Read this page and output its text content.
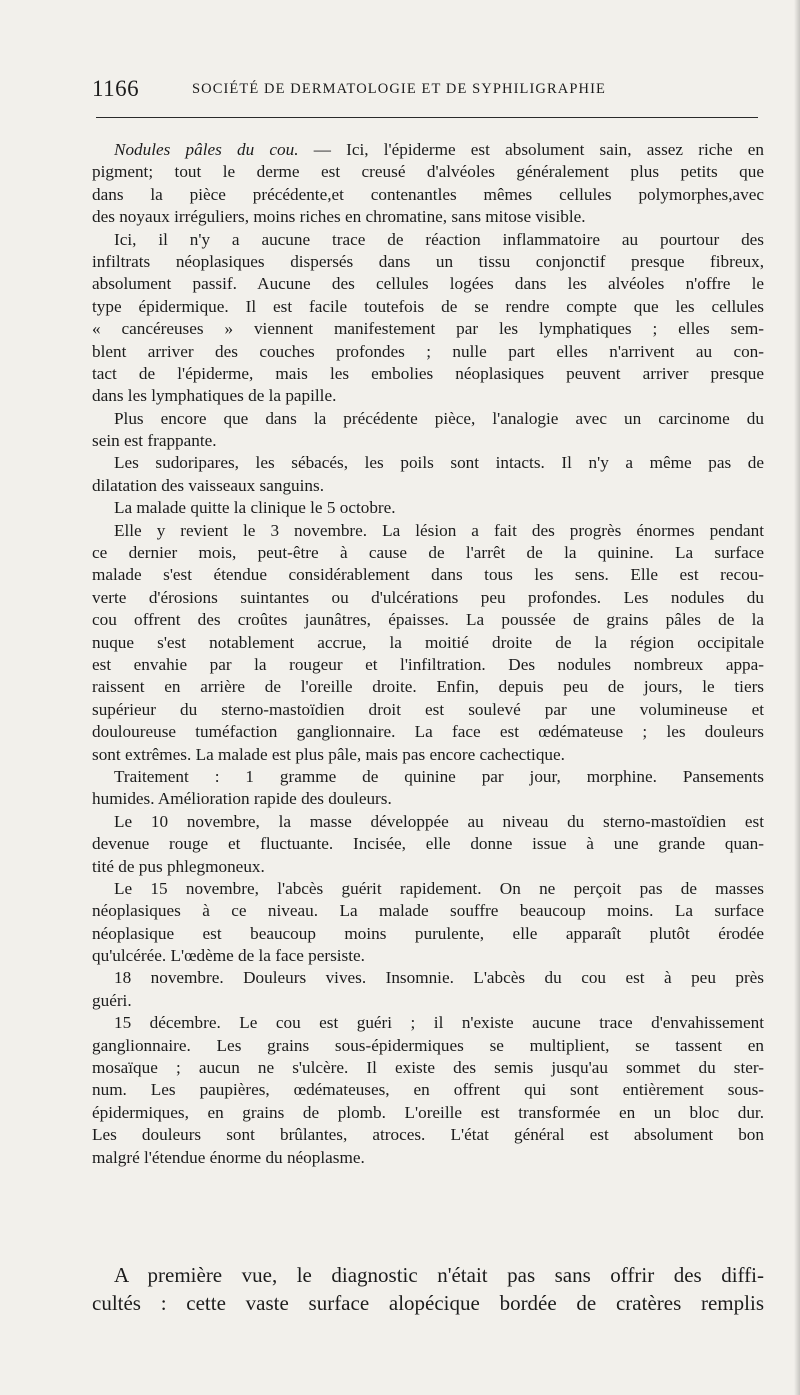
1166	SOCIÉTÉ DE DERMATOLOGIE ET DE SYPHILIGRAPHIE
Nodules pâles du cou. — Ici, l'épiderme est absolument sain, assez riche en
pigment; tout le derme est creusé d'alvéoles généralement plus petits que
dans la pièce précédente,et contenantles mêmes cellules polymorphes,avec
des noyaux irréguliers, moins riches en chromatine, sans mitose visible.
Ici, il n'y a aucune trace de réaction inflammatoire au pourtour des
infiltrats néoplasiques dispersés dans un tissu conjonctif presque fibreux,
absolument passif. Aucune des cellules logées dans les alvéoles n'offre le
type épidermique. Il est facile toutefois de se rendre compte que les cellules
« cancéreuses » viennent manifestement par les lymphatiques ; elles sem-
blent arriver des couches profondes ; nulle part elles n'arrivent au con-
tact de l'épiderme, mais les embolies néoplasiques peuvent arriver presque
dans les lymphatiques de la papille.
Plus encore que dans la précédente pièce, l'analogie avec un carcinome du
sein est frappante.
Les sudoripares, les sébacés, les poils sont intacts. Il n'y a même pas de
dilatation des vaisseaux sanguins.
La malade quitte la clinique le 5 octobre.
Elle y revient le 3 novembre. La lésion a fait des progrès énormes pendant
ce dernier mois, peut-être à cause de l'arrêt de la quinine. La surface
malade s'est étendue considérablement dans tous les sens. Elle est recou-
verte d'érosions suintantes ou d'ulcérations peu profondes. Les nodules du
cou offrent des croûtes jaunâtres, épaisses. La poussée de grains pâles de la
nuque s'est notablement accrue, la moitié droite de la région occipitale
est envahie par la rougeur et l'infiltration. Des nodules nombreux appa-
raissent en arrière de l'oreille droite. Enfin, depuis peu de jours, le tiers
supérieur du sterno-mastoïdien droit est soulevé par une volumineuse et
douloureuse tuméfaction ganglionnaire. La face est œdémateuse ; les douleurs
sont extrêmes. La malade est plus pâle, mais pas encore cachectique.
Traitement : 1 gramme de quinine par jour, morphine. Pansements
humides. Amélioration rapide des douleurs.
Le 10 novembre, la masse développée au niveau du sterno-mastoïdien est
devenue rouge et fluctuante. Incisée, elle donne issue à une grande quan-
tité de pus phlegmoneux.
Le 15 novembre, l'abcès guérit rapidement. On ne perçoit pas de masses
néoplasiques à ce niveau. La malade souffre beaucoup moins. La surface
néoplasique est beaucoup moins purulente, elle apparaît plutôt érodée
qu'ulcérée. L'œdème de la face persiste.
18 novembre. Douleurs vives. Insomnie. L'abcès du cou est à peu près
guéri.
15 décembre. Le cou est guéri ; il n'existe aucune trace d'envahissement
ganglionnaire. Les grains sous-épidermiques se multiplient, se tassent en
mosaïque ; aucun ne s'ulcère. Il existe des semis jusqu'au sommet du ster-
num. Les paupières, œdémateuses, en offrent qui sont entièrement sous-
épidermiques, en grains de plomb. L'oreille est transformée en un bloc dur.
Les douleurs sont brûlantes, atroces. L'état général est absolument bon
malgré l'étendue énorme du néoplasme.
A première vue, le diagnostic n'était pas sans offrir des diffi-
cultés : cette vaste surface alopécique bordée de cratères remplis
